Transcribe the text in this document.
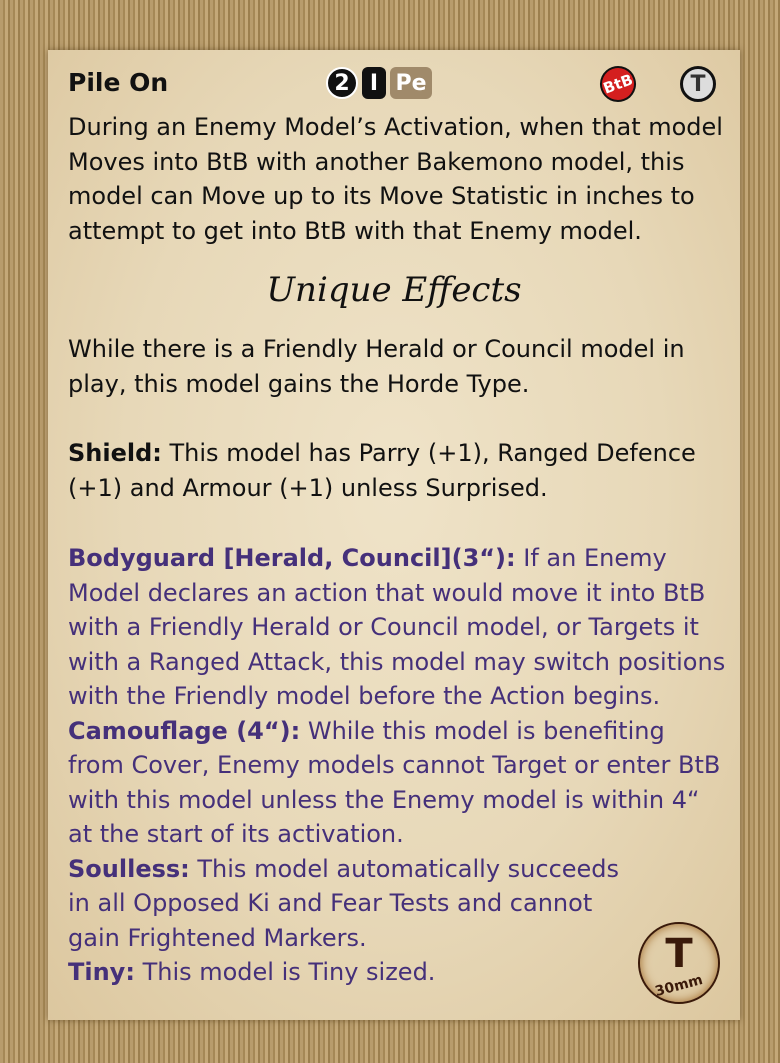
Pile On	2 I Pe	BtB	T
During an Enemy Model’s Activation, when that model Moves into BtB with another Bakemono model, this model can Move up to its Move Statistic in inches to attempt to get into BtB with that Enemy model.
Unique Effects
While there is a Friendly Herald or Council model in play, this model gains the Horde Type.
Shield: This model has Parry (+1), Ranged Defence (+1) and Armour (+1) unless Surprised.
Bodyguard [Herald, Council](3“): If an Enemy Model declares an action that would move it into BtB with a Friendly Herald or Council model, or Targets it with a Ranged Attack, this model may switch positions with the Friendly model before the Action begins.
Camouflage (4“): While this model is benefiting from Cover, Enemy models cannot Target or enter BtB with this model unless the Enemy model is within 4“ at the start of its activation.
Soulless: This model automatically succeeds in all Opposed Ki and Fear Tests and cannot gain Frightened Markers.
Tiny: This model is Tiny sized.	T
30mm
